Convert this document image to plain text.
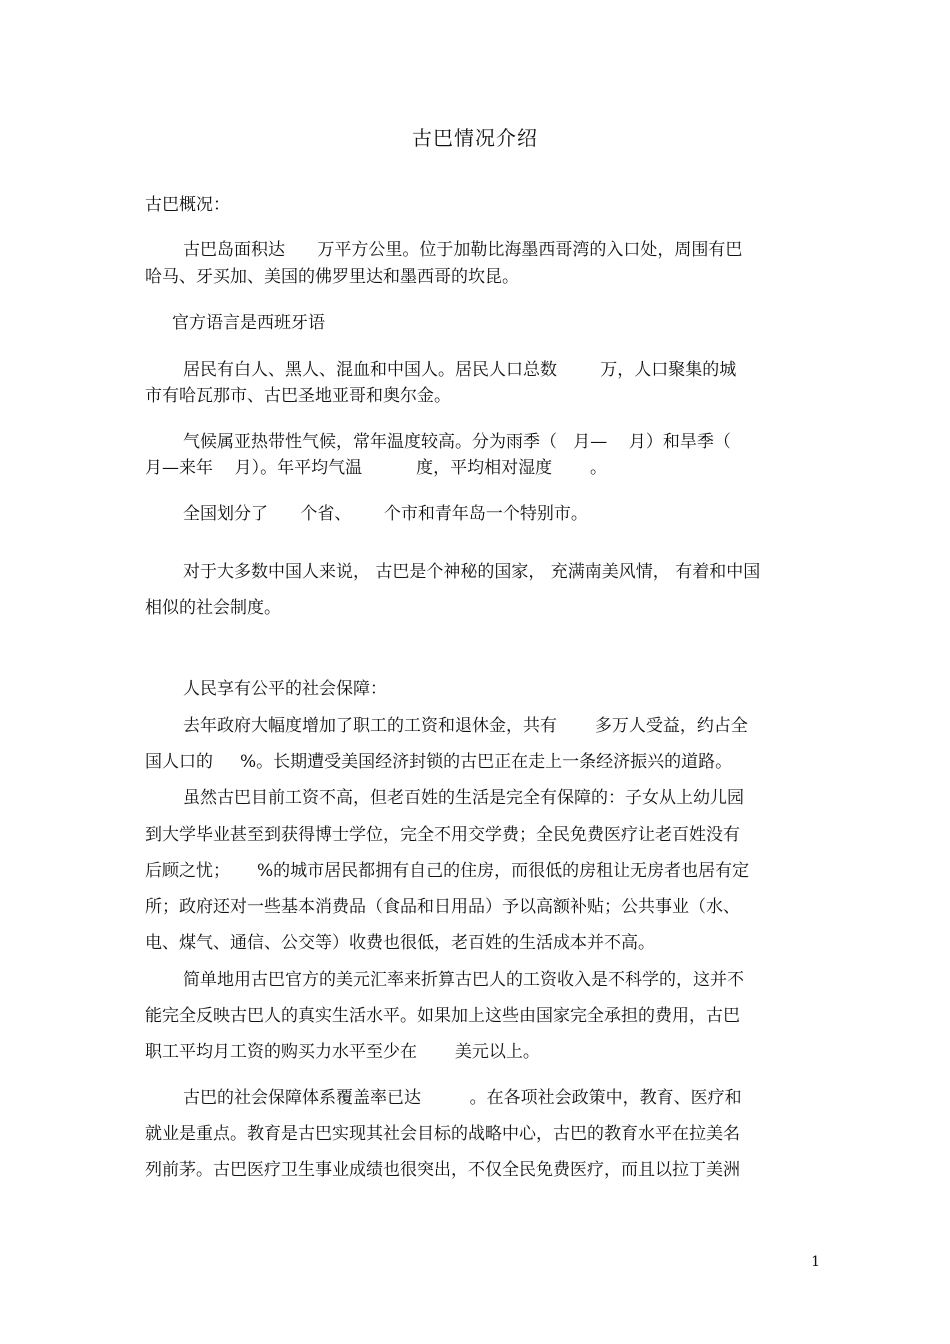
古巴情况介绍
古巴概况：
古巴岛面积达      万平方公里。位于加勒比海墨西哥湾的入口处，周围有巴
哈马、牙买加、美国的佛罗里达和墨西哥的坎昆。
官方语言是西班牙语
居民有白人、黑人、混血和中国人。居民人口总数        万，人口聚集的城
市有哈瓦那市、古巴圣地亚哥和奥尔金。
气候属亚热带性气候，常年温度较高。分为雨季（   月—    月）和旱季（
月—来年    月）。年平均气温          度，平均相对湿度       。
全国划分了      个省、      个市和青年岛一个特别市。
对于大多数中国人来说， 古巴是个神秘的国家， 充满南美风情， 有着和中国
相似的社会制度。
人民享有公平的社会保障：
去年政府大幅度增加了职工的工资和退休金，共有       多万人受益，约占全
国人口的     %。长期遭受美国经济封锁的古巴正在走上一条经济振兴的道路。
虽然古巴目前工资不高，但老百姓的生活是完全有保障的：子女从上幼儿园
到大学毕业甚至到获得博士学位，完全不用交学费；全民免费医疗让老百姓没有
后顾之忧；     %的城市居民都拥有自己的住房，而很低的房租让无房者也居有定
所；政府还对一些基本消费品（食品和日用品）予以高额补贴；公共事业（水、
电、煤气、通信、公交等）收费也很低，老百姓的生活成本并不高。
简单地用古巴官方的美元汇率来折算古巴人的工资收入是不科学的，这并不
能完全反映古巴人的真实生活水平。如果加上这些由国家完全承担的费用，古巴
职工平均月工资的购买力水平至少在       美元以上。
古巴的社会保障体系覆盖率已达         。在各项社会政策中，教育、医疗和
就业是重点。教育是古巴实现其社会目标的战略中心，古巴的教育水平在拉美名
列前茅。古巴医疗卫生事业成绩也很突出，不仅全民免费医疗，而且以拉丁美洲
1
